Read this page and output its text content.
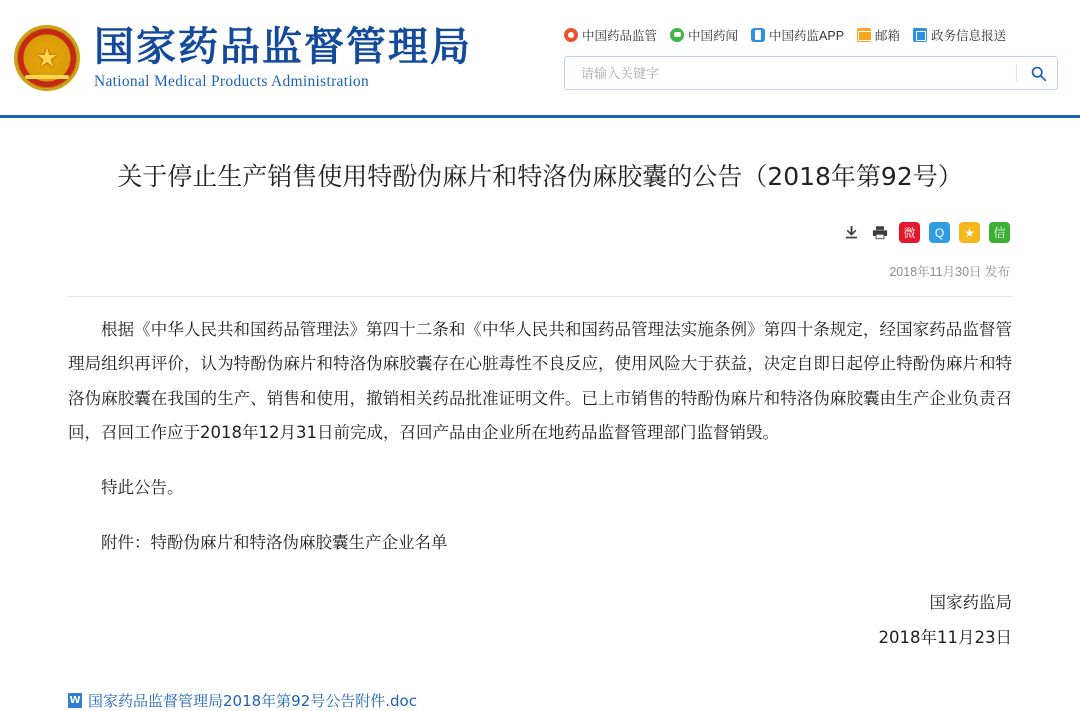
★
国家药品监督管理局
National Medical Products Administration
中国药品监管 中国药闻 中国药监APP 邮箱 政务信息报送
请输入关键字
关于停止生产销售使用特酚伪麻片和特洛伪麻胶囊的公告（2018年第92号）
微	Q	★	信
2018年11月30日 发布

根据《中华人民共和国药品管理法》第四十二条和《中华人民共和国药品管理法实施条例》第四十条规定，经国家药品监督管理局组织再评价，认为特酚伪麻片和特洛伪麻胶囊存在心脏毒性不良反应，使用风险大于获益，决定自即日起停止特酚伪麻片和特洛伪麻胶囊在我国的生产、销售和使用，撤销相关药品批准证明文件。已上市销售的特酚伪麻片和特洛伪麻胶囊由生产企业负责召回，召回工作应于2018年12月31日前完成，召回产品由企业所在地药品监督管理部门监督销毁。

特此公告。

附件：特酚伪麻片和特洛伪麻胶囊生产企业名单

国家药监局
2018年11月23日
W
国家药品监督管理局2018年第92号公告附件.doc
